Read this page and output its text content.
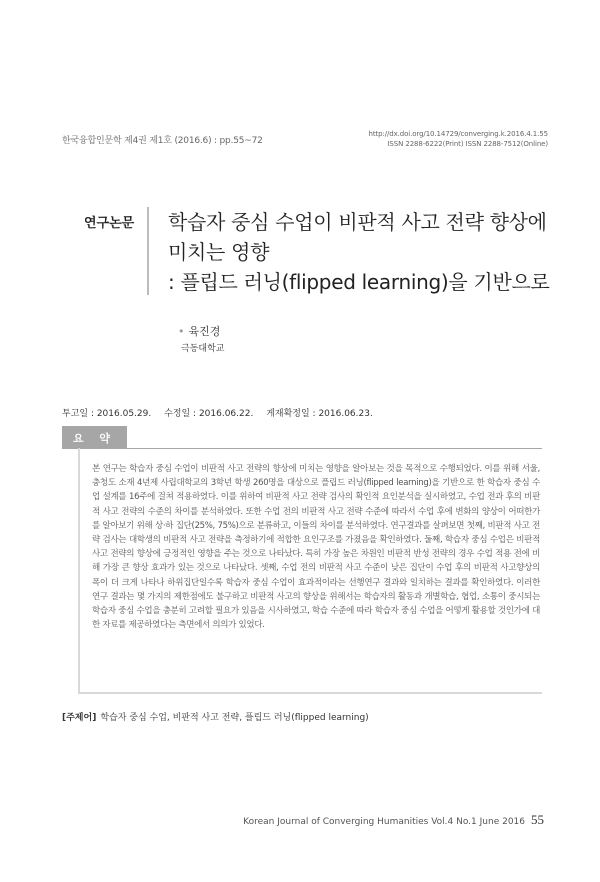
한국융합인문학 제4권 제1호 (2016.6) : pp.55~72
http://dx.doi.org/10.14729/converging.k.2016.4.1.55
ISSN 2288-6222(Print) ISSN 2288-7512(Online)
연구논문 학습자 중심 수업이 비판적 사고 전략 향상에
미치는 영향
: 플립드 러닝(flipped learning)을 기반으로
• 육진경
극동대학교
투고일 : 2016.05.29. 수정일 : 2016.06.22. 게재확정일 : 2016.06.23.
요 약

본 연구는 학습자 중심 수업이 비판적 사고 전략의 향상에 미치는 영향을 알아보는 것을 목적으로 수행되었다. 이를 위해 서울, 충청도 소재 4년제 사립대학교의 3학년 학생 260명을 대상으로 플립드 러닝(flipped learning)을 기반으로 한 학습자 중심 수업 설계를 16주에 걸쳐 적용하였다. 이를 위하여 비판적 사고 전략 검사의 확인적 요인분석을 실시하였고, 수업 전과 후의 비판적 사고 전략의 수준의 차이를 분석하였다. 또한 수업 전의 비판적 사고 전략 수준에 따라서 수업 후에 변화의 양상이 어떠한가를 알아보기 위해 상·하 집단(25%, 75%)으로 분류하고, 이들의 차이를 분석하였다. 연구결과를 살펴보면 첫째, 비판적 사고 전략 검사는 대학생의 비판적 사고 전략을 측정하기에 적합한 요인구조를 가졌음을 확인하였다. 둘째, 학습자 중심 수업은 비판적 사고 전략의 향상에 긍정적인 영향을 주는 것으로 나타났다. 특히 가장 높은 차원인 비판적 반성 전략의 경우 수업 적용 전에 비해 가장 큰 향상 효과가 있는 것으로 나타났다. 셋째, 수업 전의 비판적 사고 수준이 낮은 집단이 수업 후의 비판적 사고향상의 폭이 더 크게 나타나 하위집단일수록 학습자 중심 수업이 효과적이라는 선행연구 결과와 일치하는 결과를 확인하였다. 이러한 연구 결과는 몇 가지의 제한점에도 불구하고 비판적 사고의 향상을 위해서는 학습자의 활동과 개별학습, 협업, 소통이 중시되는 학습자 중심 수업을 충분히 고려할 필요가 있음을 시사하였고, 학습 수준에 따라 학습자 중심 수업을 어떻게 활용할 것인가에 대한 자료를 제공하였다는 측면에서 의의가 있었다.

[주제어] 학습자 중심 수업, 비판적 사고 전략, 플립드 러닝(flipped learning)
Korean Journal of Converging Humanities Vol.4 No.1 June 2016 55
